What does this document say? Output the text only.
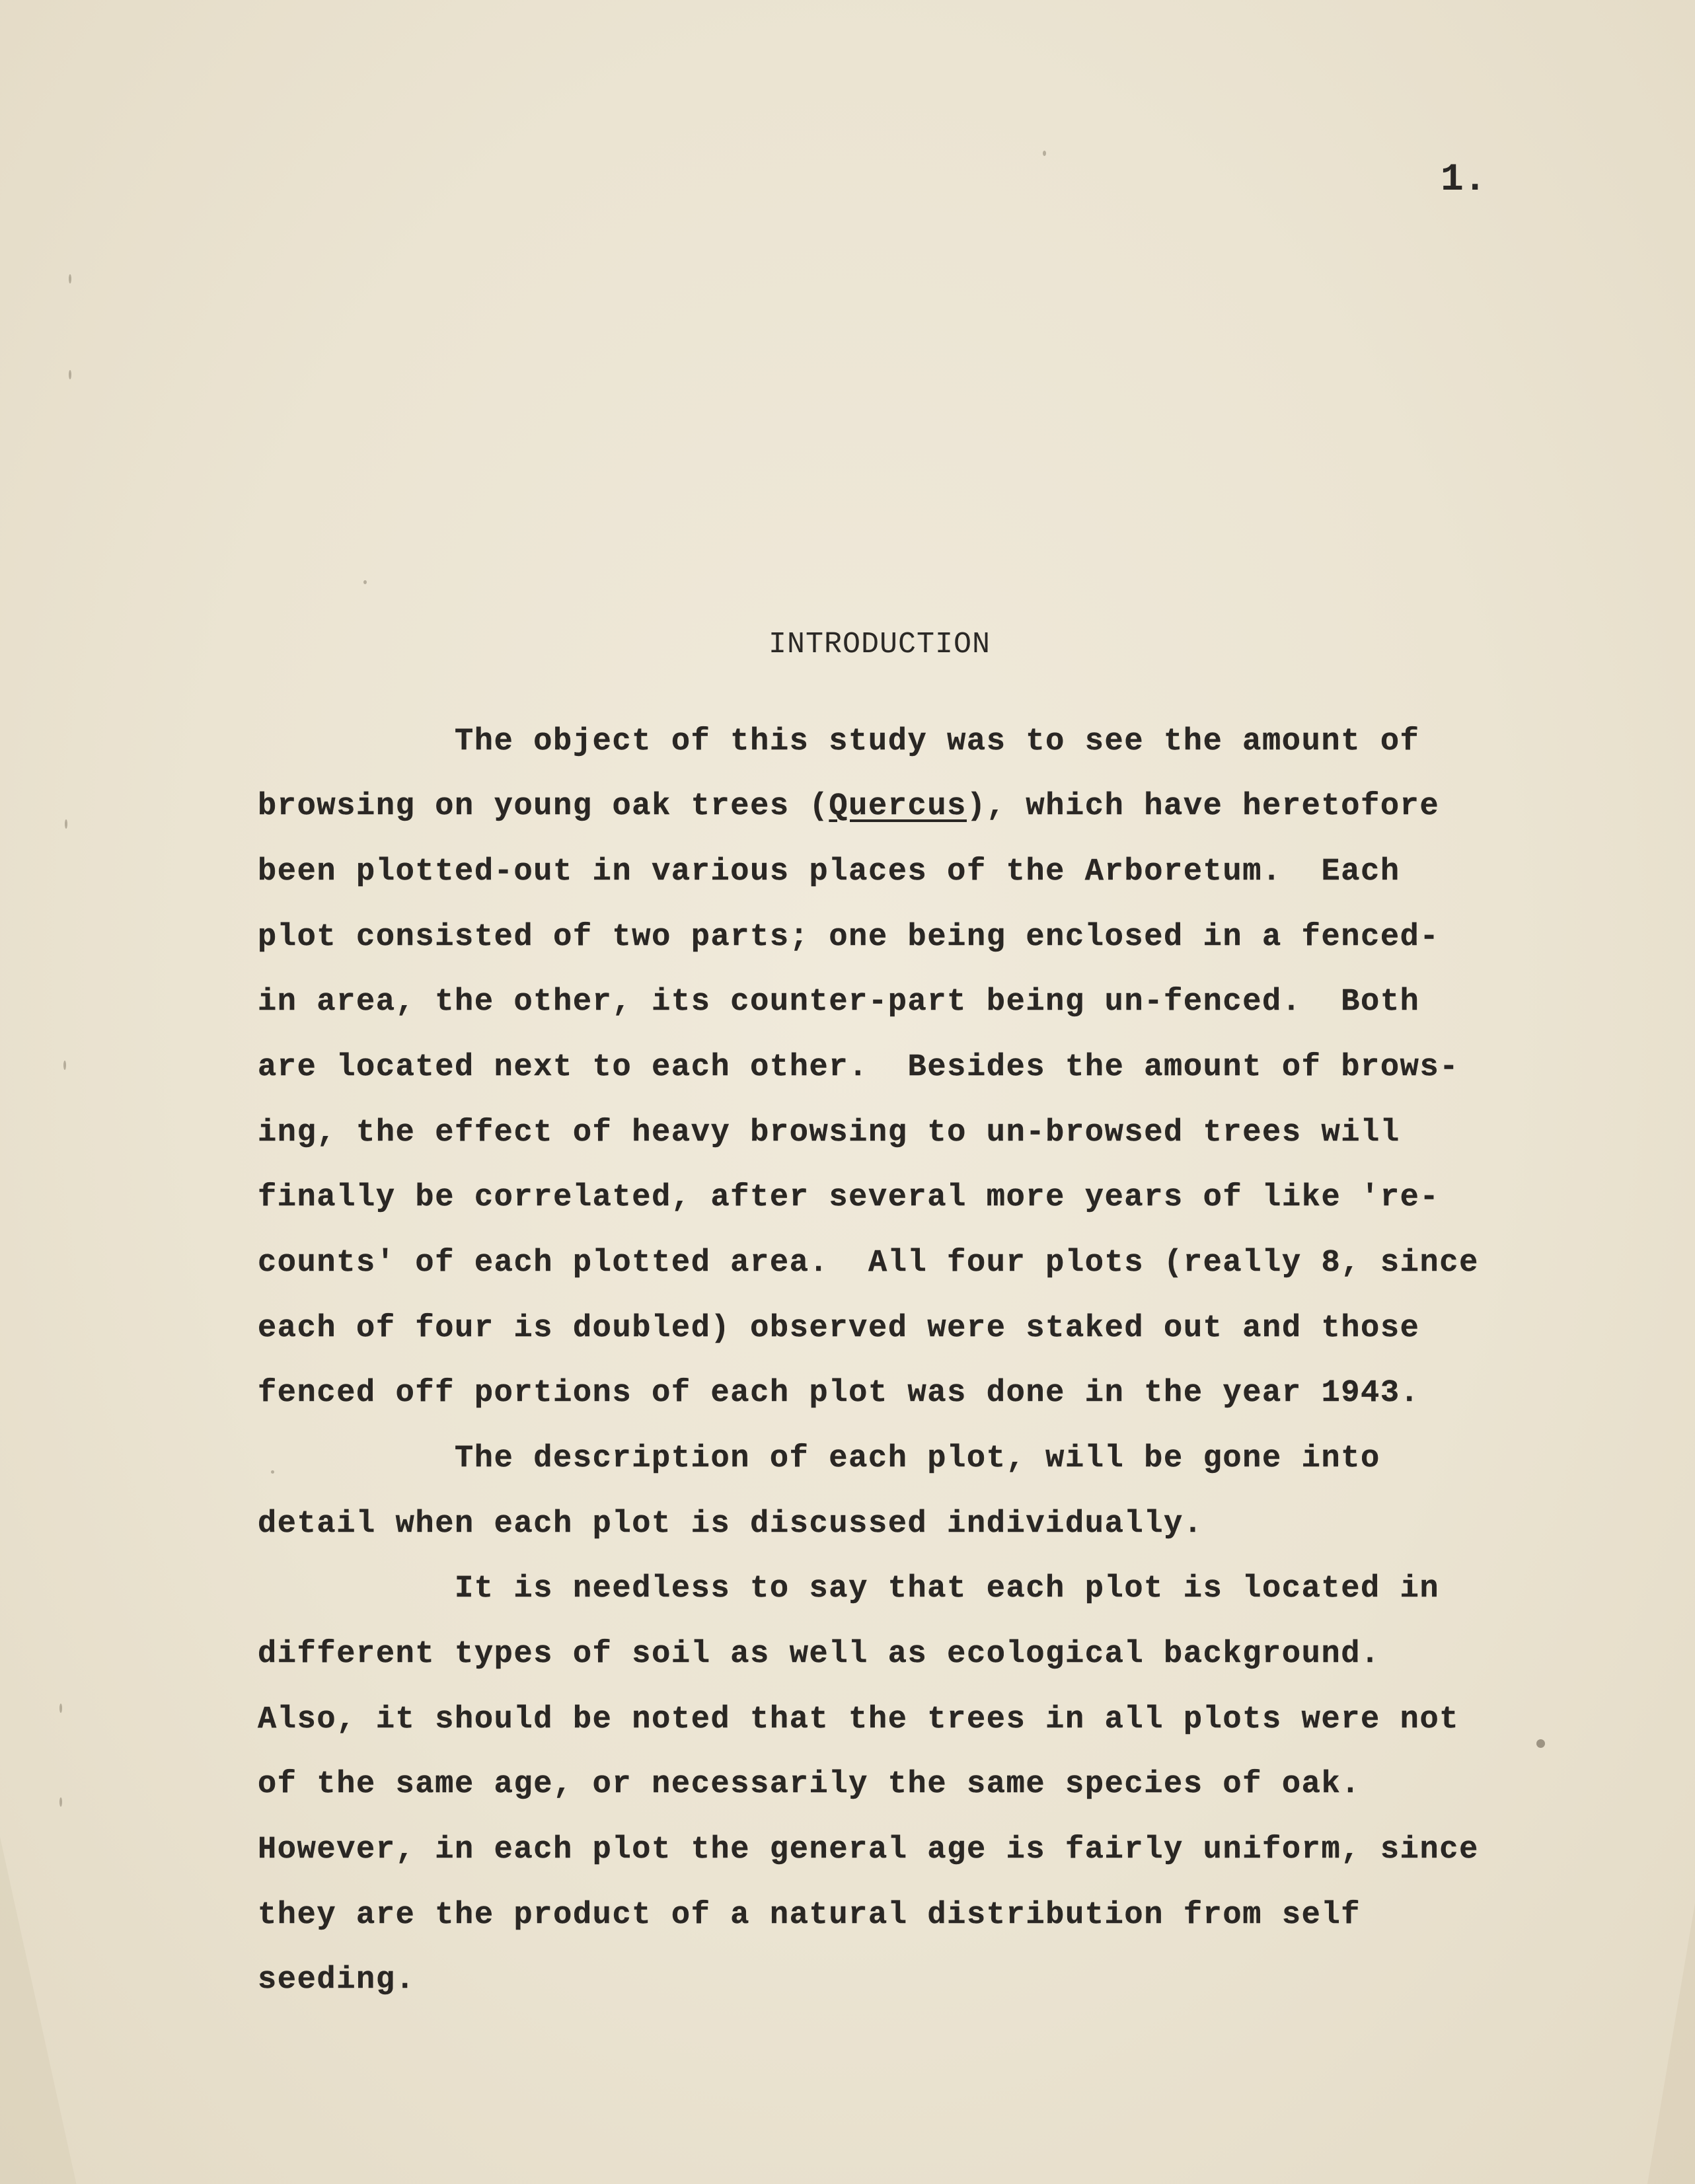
1.
INTRODUCTION
The object of this study was to see the amount of
browsing on young oak trees (Quercus), which have heretofore
been plotted-out in various places of the Arboretum.  Each
plot consisted of two parts; one being enclosed in a fenced-
in area, the other, its counter-part being un-fenced.  Both
are located next to each other.  Besides the amount of brows-
ing, the effect of heavy browsing to un-browsed trees will
finally be correlated, after several more years of like 're-
counts' of each plotted area.  All four plots (really 8, since
each of four is doubled) observed were staked out and those
fenced off portions of each plot was done in the year 1943.
The description of each plot, will be gone into
detail when each plot is discussed individually.
It is needless to say that each plot is located in
different types of soil as well as ecological background.
Also, it should be noted that the trees in all plots were not
of the same age, or necessarily the same species of oak.
However, in each plot the general age is fairly uniform, since
they are the product of a natural distribution from self
seeding.
